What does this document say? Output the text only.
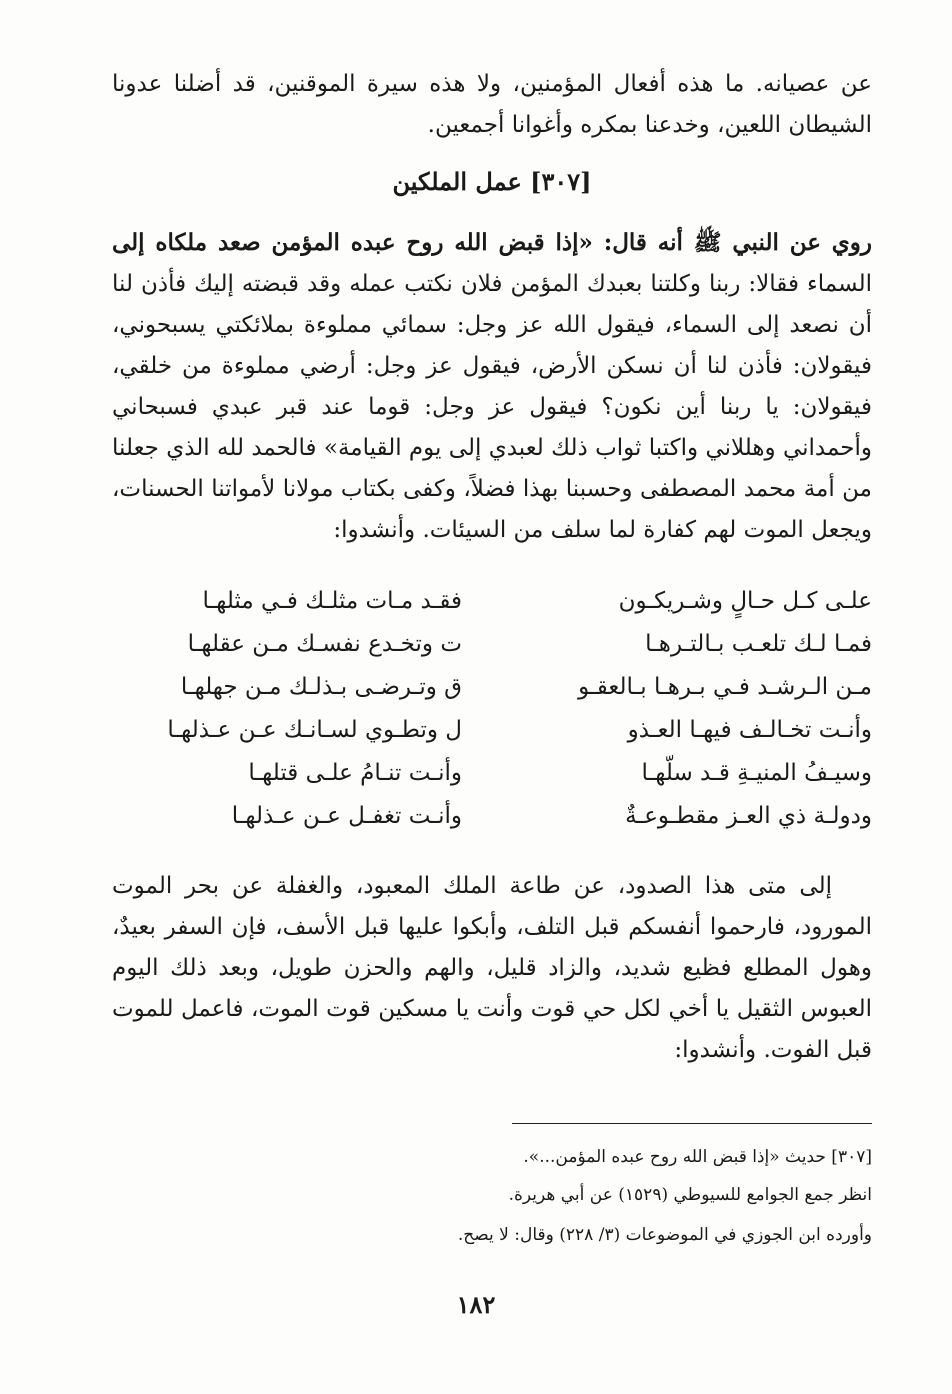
عن عصيانه. ما هذه أفعال المؤمنين، ولا هذه سيرة الموقنين، قد أضلنا عدونا الشيطان اللعين، وخدعنا بمكره وأغوانا أجمعين.
[٣٠٧] عمل الملكين
روي عن النبي ﷺ أنه قال: «إذا قبض الله روح عبده المؤمن صعد ملكاه إلى السماء فقالا: ربنا وكلتنا بعبدك المؤمن فلان نكتب عمله وقد قبضته إليك فأذن لنا أن نصعد إلى السماء، فيقول الله عز وجل: سمائي مملوءة بملائكتي يسبحوني، فيقولان: فأذن لنا أن نسكن الأرض، فيقول عز وجل: أرضي مملوءة من خلقي، فيقولان: يا ربنا أين نكون؟ فيقول عز وجل: قوما عند قبر عبدي فسبحاني وأحمداني وهللاني واكتبا ثواب ذلك لعبدي إلى يوم القيامة» فالحمد لله الذي جعلنا من أمة محمد المصطفى وحسبنا بهذا فضلاً، وكفى بكتاب مولانا لأمواتنا الحسنات، ويجعل الموت لهم كفارة لما سلف من السيئات. وأنشدوا:
علـى كـل حـالٍ وشـريكـون
فقـد مـات مثلـك فـي مثلهـا
فمـا لـك تلعـب بـالتـرهـا
ت وتخـدع نفسـك مـن عقلهـا
مـن الـرشـد فـي بـرهـا بـالعقـو
ق وتـرضـى بـذلـك مـن جهلهـا
وأنـت تخـالـف فيهـا العـذو
ل وتطـوي لسـانـك عـن عـذلهـا
وسيـفُ المنيـةِ قـد سلّهـا
وأنـت تنـامُ علـى قتلهـا
ودولـة ذي العـز مقطـوعـةٌ
وأنـت تغفـل عـن عـذلهـا
إلى متى هذا الصدود، عن طاعة الملك المعبود، والغفلة عن بحر الموت المورود، فارحموا أنفسكم قبل التلف، وأبكوا عليها قبل الأسف، فإن السفر بعيدٌ، وهول المطلع فظيع شديد، والزاد قليل، والهم والحزن طويل، وبعد ذلك اليوم العبوس الثقيل يا أخي لكل حي قوت وأنت يا مسكين قوت الموت، فاعمل للموت قبل الفوت. وأنشدوا:
[٣٠٧] حديث «إذا قبض الله روح عبده المؤمن...».
انظر جمع الجوامع للسيوطي (١٥٢٩) عن أبي هريرة.
وأورده ابن الجوزي في الموضوعات (٣/ ٢٢٨) وقال: لا يصح.
١٨٢
